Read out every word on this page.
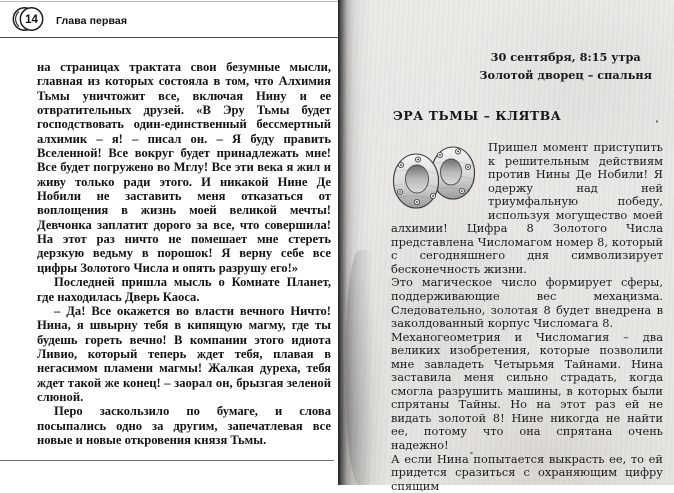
14 Глава первая

на страницах трактата свои безумные мысли, главная из которых состояла в том, что Алхимия Тьмы уничтожит все, включая Нину и ее отвратительных друзей. «В Эру Тьмы будет господствовать один-единственный бессмертный алхимик – я! – писал он. – Я буду править Вселенной! Все вокруг будет принадлежать мне! Все будет погружено во Мглу! Все эти века я жил и живу только ради этого. И никакой Нине Де Нобили не заставить меня отказаться от воплощения в жизнь моей великой мечты! Девчонка заплатит дорого за все, что совершила! На этот раз ничто не помешает мне стереть дерзкую ведьму в порошок! Я верну себе все цифры Золотого Числа и опять разрушу его!»

Последней пришла мысль о Комнате Планет, где находилась Дверь Каоса.

– Да! Все окажется во власти вечного Ничто! Нина, я швырну тебя в кипящую магму, где ты будешь гореть вечно! В компании этого идиота Ливио, который теперь ждет тебя, плавая в негасимом пламени магмы! Жалкая дуреха, тебя ждет такой же конец! – заорал он, брызгая зеленой слюной.

Перо заскользило по бумаге, и слова посыпались одно за другим, запечатлевая все новые и новые откровения князя Тьмы.

30 сентября, 8:15 утра
Золотой дворец – спальня
ЭРА ТЬМЫ – КЛЯТВА

Пришел момент приступить к решительным действиям против Нины Де Нобили! Я одержу над ней триумфальную победу, используя могущество моей алхимии! Цифра 8 Золотого Числа представлена Числомагом номер 8, который с сегодняшнего дня символизирует бесконечность жизни.

Это магическое число формирует сферы, поддерживающие вес механизма. Следовательно, золотая 8 будет внедрена в заколдованный корпус Числомага 8.

Механогеометрия и Числомагия – два великих изобретения, которые позволили мне завладеть Четырьмя Тайнами. Нина заставила меня сильно страдать, когда смогла разрушить машины, в которых были спрятаны Тайны. Но на этот раз ей не видать золотой 8! Нине никогда не найти ее, потому что она спрятана очень надежно!

А если Нина попытается выкрасть ее, то ей придется сразиться с охраняющим цифру спящим
